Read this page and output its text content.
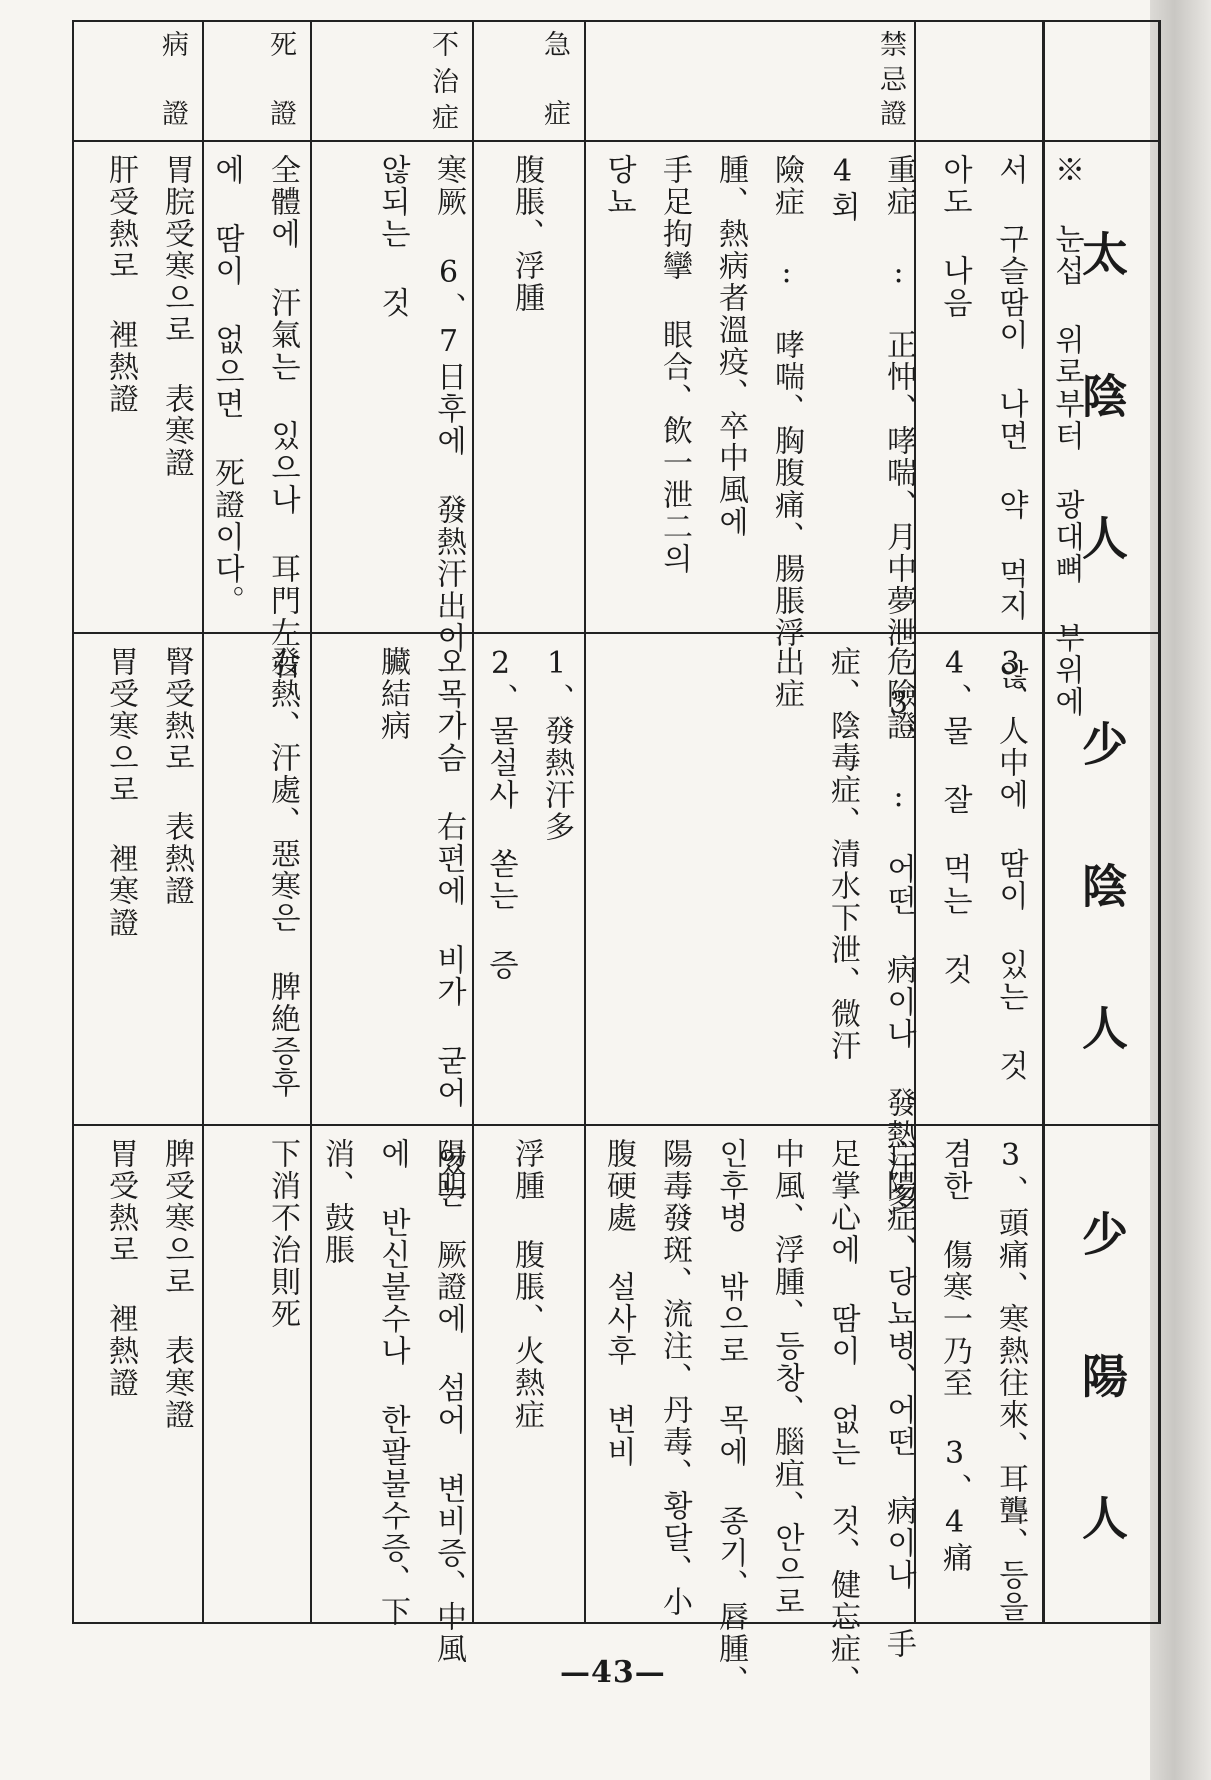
禁
忌
證
急
症
不
治
症
死
證
病
證
太
陰
人
少
陰
人
少
陽
人
※ 눈섭 위로부터 광대뼈 부위에
서 구슬땀이 나면 약 먹지 않
아도 나음
重症 : 正忡、哮喘、月中夢泄 3、
4회
險症 : 哮喘、胸腹痛、腸脹浮
腫、熱病者溫疫、卒中風에
手足拘攣 眼合、飲一泄二의
당뇨
腹脹、浮腫
寒厥 6、7日후에 發熱汗出이
않되는 것
全體에 汗氣는 있으나 耳門左右
에 땀이 없으면 死證이다。
胃脘受寒으로 表寒證
肝受熱로 裡熱證
3、人中에 땀이 있는 것
4、물 잘 먹는 것
危險證 : 어떤 病이나 發熱汗多
症、陰毒症、清水下泄、微汗
出症
1、發熱汗多
2、물설사 쏟는 증
오목가슴 右편에 비가 굳어 있는
臟結病
發熱、汗處、惡寒은 脾絶증후
腎受熱로 表熱證
胃受寒으로 裡寒證
3、頭痛、寒熱往來、耳聾、등을
겸한 傷寒一乃至 3、4痛
亡陽症、당뇨병、어떤 病이나 手
足掌心에 땀이 없는 것、健忘症、
中風、浮腫、등창、腦疽、안으로
인후병 밖으로 목에 종기、唇腫、
陽毒發斑、流注、丹毒、황달、小
腹硬處 설사후 변비
浮腫 腹脹、火熱症
陽明 厥證에 섬어 변비증、中風
에 반신불수나 한팔불수증、下
消、鼓脹
下消不治則死
脾受寒으로 表寒證
胃受熱로 裡熱證
—43—
